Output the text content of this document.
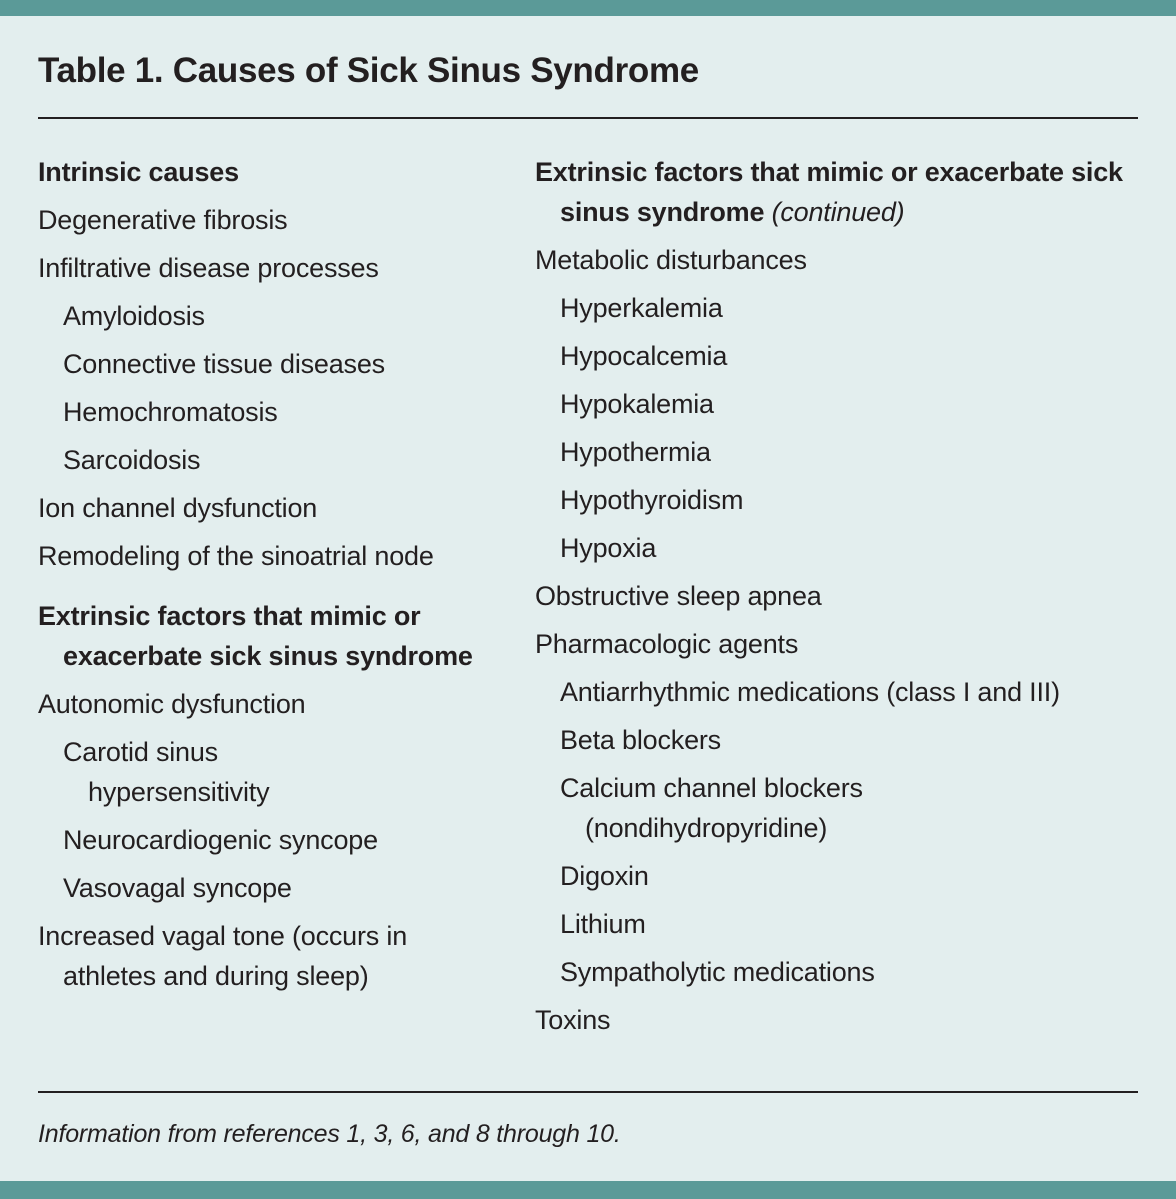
Table 1. Causes of Sick Sinus Syndrome
Intrinsic causes
Degenerative fibrosis
Infiltrative disease processes
Amyloidosis
Connective tissue diseases
Hemochromatosis
Sarcoidosis
Ion channel dysfunction
Remodeling of the sinoatrial node
Extrinsic factors that mimic or exacerbate sick sinus syndrome
Autonomic dysfunction
Carotid sinus hypersensitivity
Neurocardiogenic syncope
Vasovagal syncope
Increased vagal tone (occurs in athletes and during sleep)
Extrinsic factors that mimic or exacerbate sick sinus syndrome (continued)
Metabolic disturbances
Hyperkalemia
Hypocalcemia
Hypokalemia
Hypothermia
Hypothyroidism
Hypoxia
Obstructive sleep apnea
Pharmacologic agents
Antiarrhythmic medications (class I and III)
Beta blockers
Calcium channel blockers (nondihydropyridine)
Digoxin
Lithium
Sympatholytic medications
Toxins
Information from references 1, 3, 6, and 8 through 10.
